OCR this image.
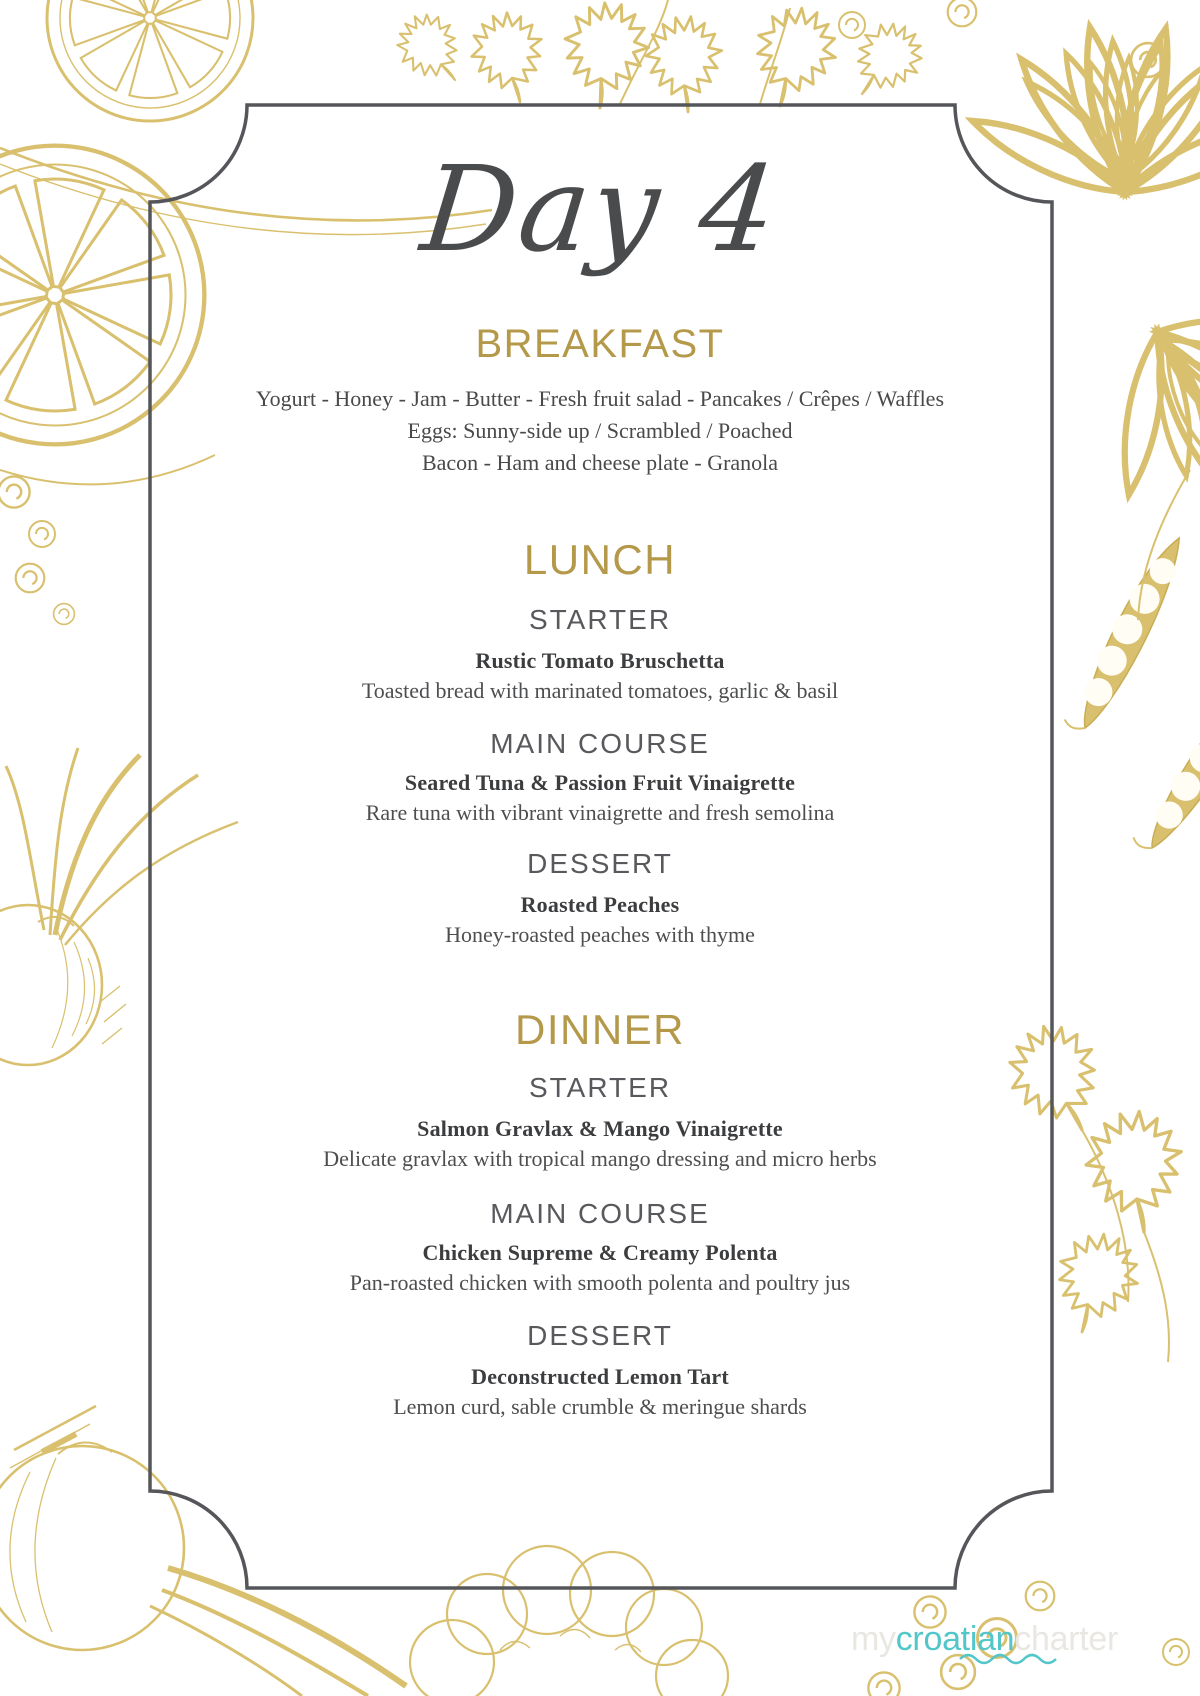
Day 4
BREAKFAST
Yogurt - Honey - Jam - Butter - Fresh fruit salad - Pancakes / Crêpes / Waffles
Eggs: Sunny-side up / Scrambled / Poached
Bacon - Ham and cheese plate - Granola
LUNCH
STARTER
Rustic Tomato Bruschetta
Toasted bread with marinated tomatoes, garlic & basil
MAIN COURSE
Seared Tuna & Passion Fruit Vinaigrette
Rare tuna with vibrant vinaigrette and fresh semolina
DESSERT
Roasted Peaches
Honey-roasted peaches with thyme
DINNER
STARTER
Salmon Gravlax & Mango Vinaigrette
Delicate gravlax with tropical mango dressing and micro herbs
MAIN COURSE
Chicken Supreme & Creamy Polenta
Pan-roasted chicken with smooth polenta and poultry jus
DESSERT
Deconstructed Lemon Tart
Lemon curd, sable crumble & meringue shards
mycroatiancharter
